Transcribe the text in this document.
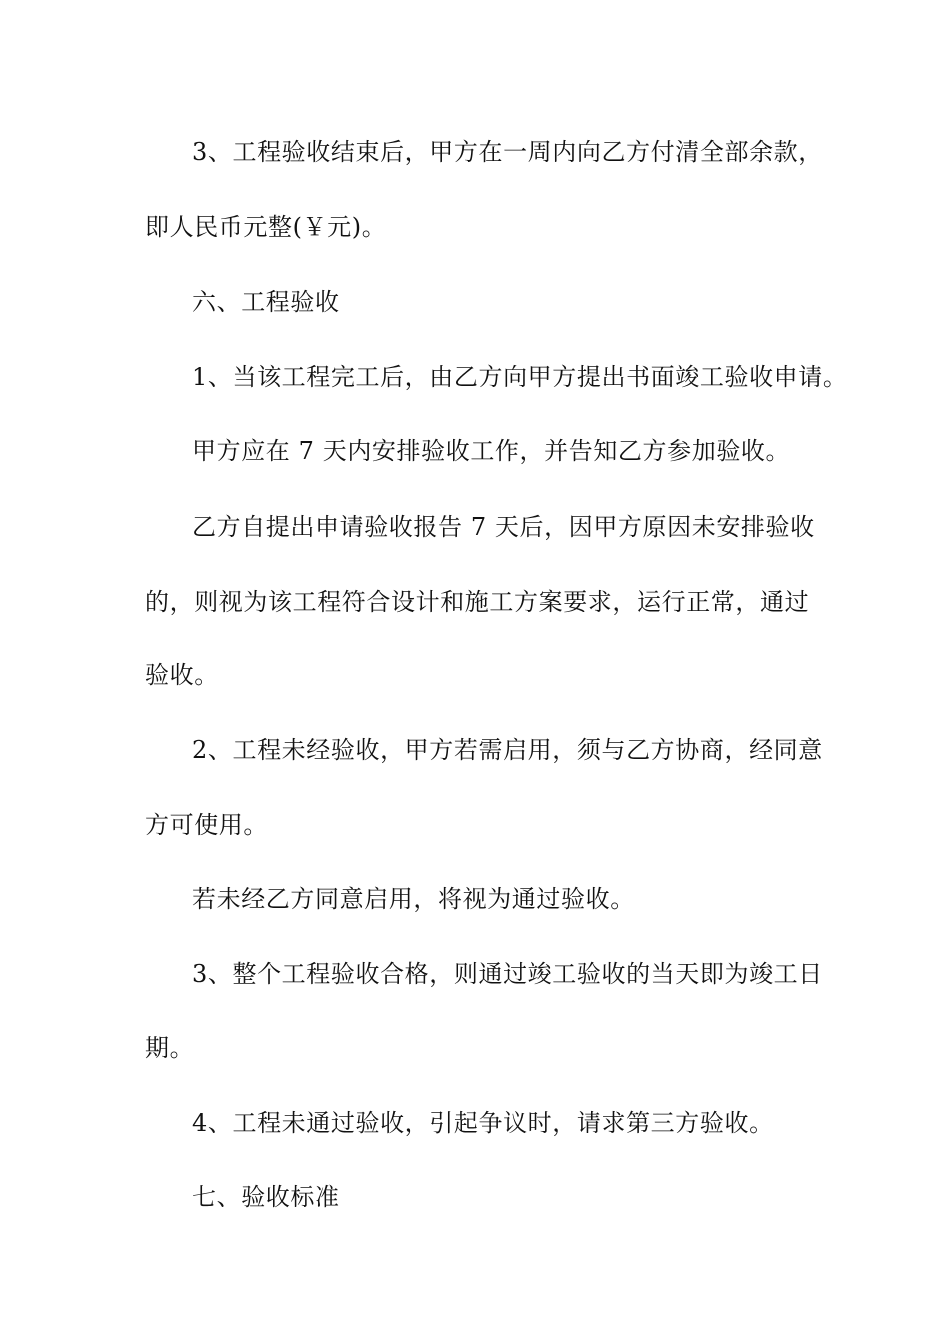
3、工程验收结束后，甲方在一周内向乙方付清全部余款，
即人民币元整(￥元)。
六、工程验收
1、当该工程完工后，由乙方向甲方提出书面竣工验收申请。
甲方应在 7 天内安排验收工作，并告知乙方参加验收。
乙方自提出申请验收报告 7 天后，因甲方原因未安排验收
的，则视为该工程符合设计和施工方案要求，运行正常，通过
验收。
2、工程未经验收，甲方若需启用，须与乙方协商，经同意
方可使用。
若未经乙方同意启用，将视为通过验收。
3、整个工程验收合格，则通过竣工验收的当天即为竣工日
期。
4、工程未通过验收，引起争议时，请求第三方验收。
七、验收标准
